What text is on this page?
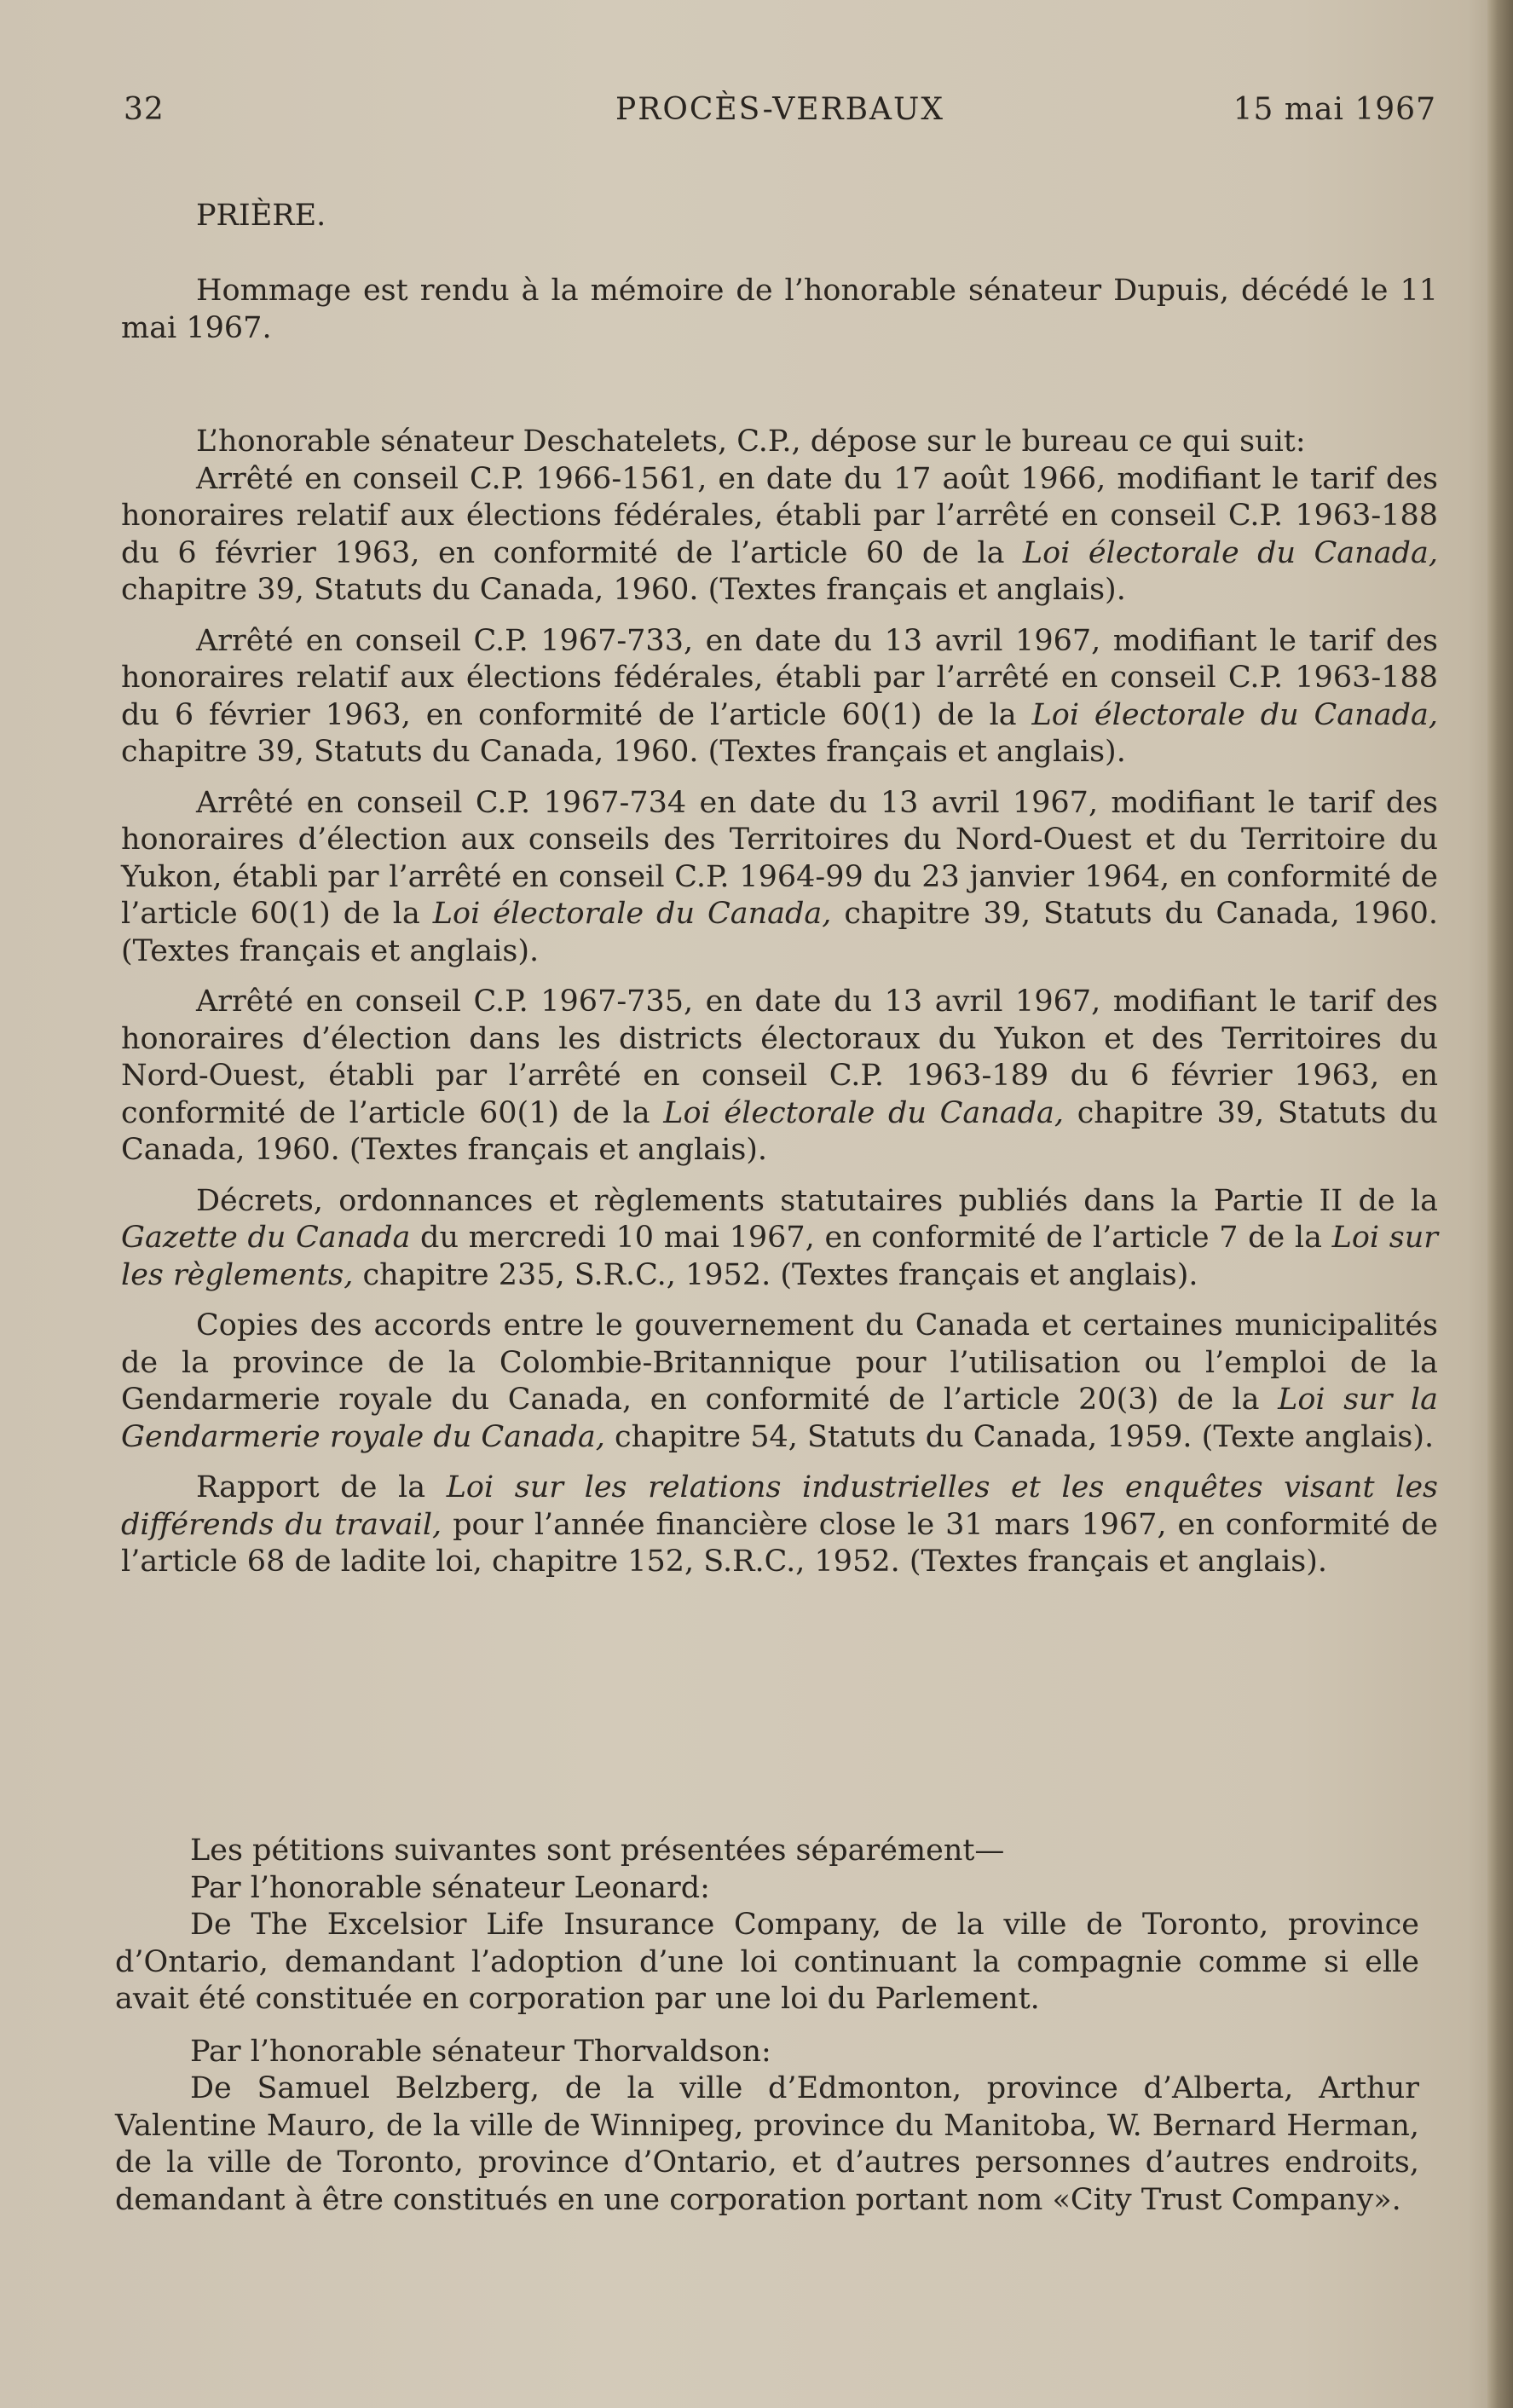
32	PROCÈS-VERBAUX	15 mai 1967

PRIÈRE.

Hommage est rendu à la mémoire de l’honorable sénateur Dupuis, décédé le 11 mai 1967.

L’honorable sénateur Deschatelets, C.P., dépose sur le bureau ce qui suit:

Arrêté en conseil C.P. 1966-1561, en date du 17 août 1966, modifiant le tarif des honoraires relatif aux élections fédérales, établi par l’arrêté en conseil C.P. 1963-188 du 6 février 1963, en conformité de l’article 60 de la Loi électorale du Canada, chapitre 39, Statuts du Canada, 1960. (Textes français et anglais).

Arrêté en conseil C.P. 1967-733, en date du 13 avril 1967, modifiant le tarif des honoraires relatif aux élections fédérales, établi par l’arrêté en conseil C.P. 1963-188 du 6 février 1963, en conformité de l’article 60(1) de la Loi électorale du Canada, chapitre 39, Statuts du Canada, 1960. (Textes français et anglais).

Arrêté en conseil C.P. 1967-734 en date du 13 avril 1967, modifiant le tarif des honoraires d’élection aux conseils des Territoires du Nord-Ouest et du Territoire du Yukon, établi par l’arrêté en conseil C.P. 1964-99 du 23 janvier 1964, en conformité de l’article 60(1) de la Loi électorale du Canada, chapitre 39, Statuts du Canada, 1960. (Textes français et anglais).

Arrêté en conseil C.P. 1967-735, en date du 13 avril 1967, modifiant le tarif des honoraires d’élection dans les districts électoraux du Yukon et des Territoires du Nord-Ouest, établi par l’arrêté en conseil C.P. 1963-189 du 6 février 1963, en conformité de l’article 60(1) de la Loi électorale du Canada, chapitre 39, Statuts du Canada, 1960. (Textes français et anglais).

Décrets, ordonnances et règlements statutaires publiés dans la Partie II de la Gazette du Canada du mercredi 10 mai 1967, en conformité de l’article 7 de la Loi sur les règlements, chapitre 235, S.R.C., 1952. (Textes français et anglais).

Copies des accords entre le gouvernement du Canada et certaines municipalités de la province de la Colombie-Britannique pour l’utilisation ou l’emploi de la Gendarmerie royale du Canada, en conformité de l’article 20(3) de la Loi sur la Gendarmerie royale du Canada, chapitre 54, Statuts du Canada, 1959. (Texte anglais).

Rapport de la Loi sur les relations industrielles et les enquêtes visant les différends du travail, pour l’année financière close le 31 mars 1967, en conformité de l’article 68 de ladite loi, chapitre 152, S.R.C., 1952. (Textes français et anglais).

Les pétitions suivantes sont présentées séparément—

Par l’honorable sénateur Leonard:

De The Excelsior Life Insurance Company, de la ville de Toronto, province d’Ontario, demandant l’adoption d’une loi continuant la compagnie comme si elle avait été constituée en corporation par une loi du Parlement.

Par l’honorable sénateur Thorvaldson:

De Samuel Belzberg, de la ville d’Edmonton, province d’Alberta, Arthur Valentine Mauro, de la ville de Winnipeg, province du Manitoba, W. Bernard Herman, de la ville de Toronto, province d’Ontario, et d’autres personnes d’autres endroits, demandant à être constitués en une corporation portant nom «City Trust Company».
